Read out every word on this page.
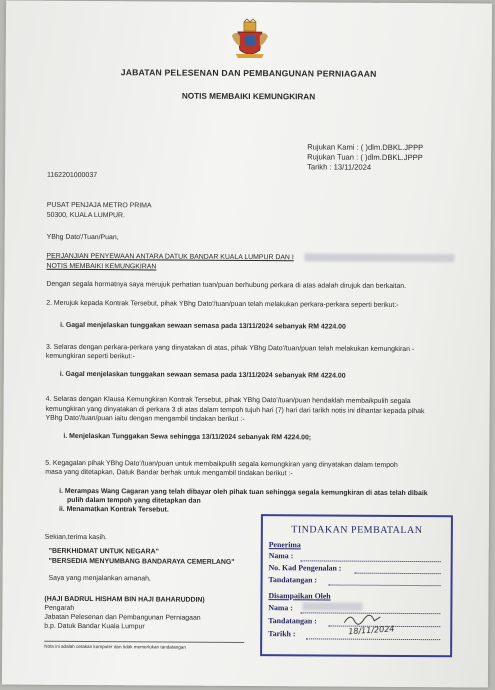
JABATAN PELESENAN DAN PEMBANGUNAN PERNIAGAAN
NOTIS MEMBAIKI KEMUNGKIRAN
Rujukan Kami : ( )dlm.DBKL.JPPP
Rujukan Tuan : ( )dlm.DBKL.JPPP
Tarikh : 13/11/2024
1162201000037
PUSAT PENJAJA METRO PRIMA
50300, KUALA LUMPUR.
YBhg Dato'/Tuan/Puan,
PERJANJIAN PENYEWAAN ANTARA DATUK BANDAR KUALA LUMPUR DAN I
NOTIS MEMBAIKI KEMUNGKIRAN
Dengan segala hormatnya saya merujuk perhatian tuan/puan berhubung perkara di atas adalah dirujuk dan berkaitan.
2. Merujuk kepada Kontrak Tersebut, pihak YBhg Dato'/tuan/puan telah melakukan perkara-perkara seperti berikut:-
i. Gagal menjelaskan tunggakan sewaan semasa pada 13/11/2024 sebanyak RM 4224.00
3. Selaras dengan perkara-perkara yang dinyatakan di atas, pihak YBhg Dato'/tuan/puan telah melakukan kemungkiran -
kemungkiran seperti berikut:-
i. Gagal menjelaskan tunggakan sewaan semasa pada 13/11/2024 sebanyak RM 4224.00
4. Selaras dengan Klausa Kemungkiran Kontrak Tersebut, pihak YBhg Dato'/tuan/puan hendaklah membaikpulih segala
kemungkiran yang dinyatakan di perkara 3 di atas dalam tempoh tujuh hari (7) hari dari tarikh notis ini dihantar kepada pihak
YBhg Dato'/tuan/puan iaitu dengan mengambil tindakan berikut :-
i. Menjelaskan Tunggakan Sewa sehingga 13/11/2024 sebanyak RM 4224.00;
5. Kegagalan pihak YBhg Dato'/tuan/puan untuk membaikpulih segala kemungkiran yang dinyatakan dalam tempoh
masa yang ditetapkan, Datuk Bandar berhak untuk mengambil tindakan berikut :-
i. Merampas Wang Cagaran yang telah dibayar oleh pihak tuan sehingga segala kemungkiran di atas telah dibaik
pulih dalam tempoh yang ditetapkan dan
ii. Menamatkan Kontrak Tersebut.
Sekian,terima kasih.
"BERKHIDMAT UNTUK NEGARA"
"BERSEDIA MENYUMBANG BANDARAYA CEMERLANG"
Saya yang menjalankan amanah,
(HAJI BADRUL HISHAM BIN HAJI BAHARUDDIN)
Pengarah
Jabatan Pelesenan dan Pembangunan Perniagaan
b.p. Datuk Bandar Kuala Lumpur
Nota ini adalah cetakan komputer dan tidak memerlukan tandatangan
TINDAKAN PEMBATALAN
Penerima
Nama :
No. Kad Pengenalan :
Tandatangan :
Disampaikan Oleh
Nama :
Tandatangan :
Tarikh :	18/11/2024
